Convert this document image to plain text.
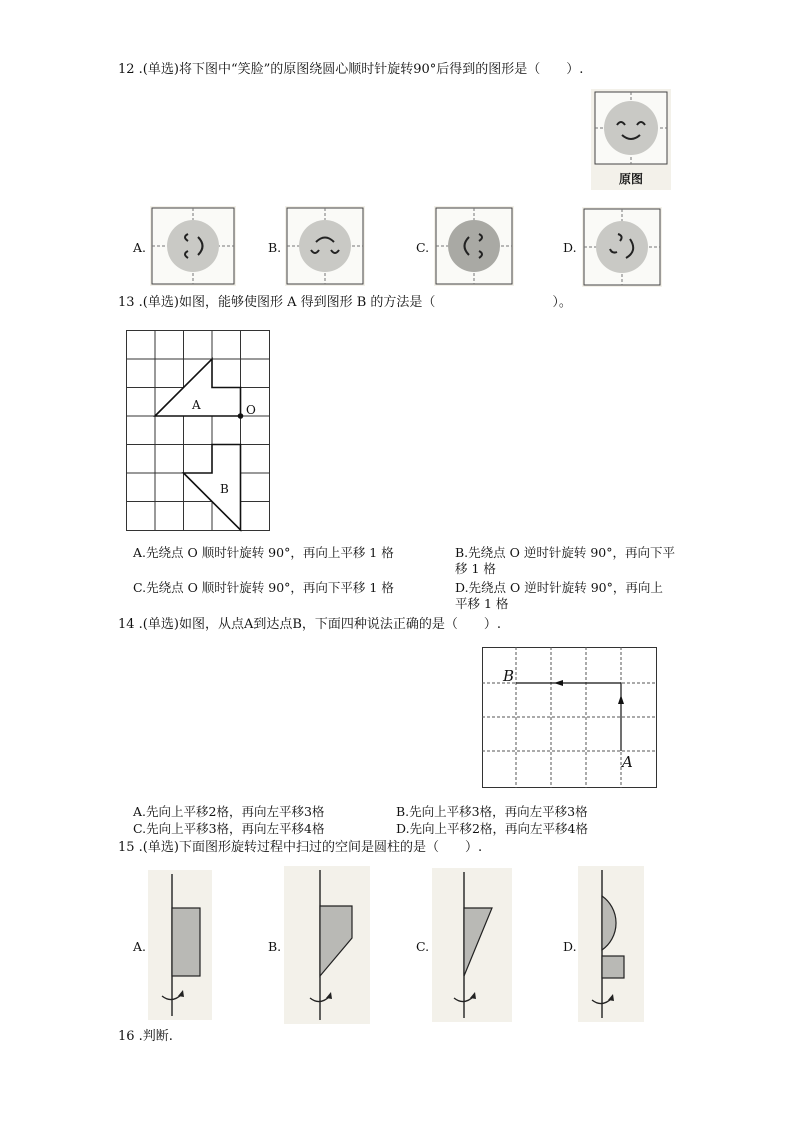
12 .(单选)将下图中“笑脸”的原图绕圆心顺时针旋转90°后得到的图形是（　　）.
原图
A.	B.	C.	D.
13 .(单选)如图，能够使图形 A 得到图形 B 的方法是（　　　　　　　　　）。
A
B
O
A.先绕点 O 顺时针旋转 90°，再向上平移 1 格	B.先绕点 O 逆时针旋转 90°，再向下平移 1 格
C.先绕点 O 顺时针旋转 90°，再向下平移 1 格	D.先绕点 O 逆时针旋转 90°，再向上平移 1 格
14 .(单选)如图，从点A到达点B，下面四种说法正确的是（　　）.
B
A
A.先向上平移2格，再向左平移3格	B.先向上平移3格，再向左平移3格
C.先向上平移3格，再向左平移4格	D.先向上平移2格，再向左平移4格
15 .(单选)下面图形旋转过程中扫过的空间是圆柱的是（　　）.
A.	B.	C.	D.
16 .判断.
